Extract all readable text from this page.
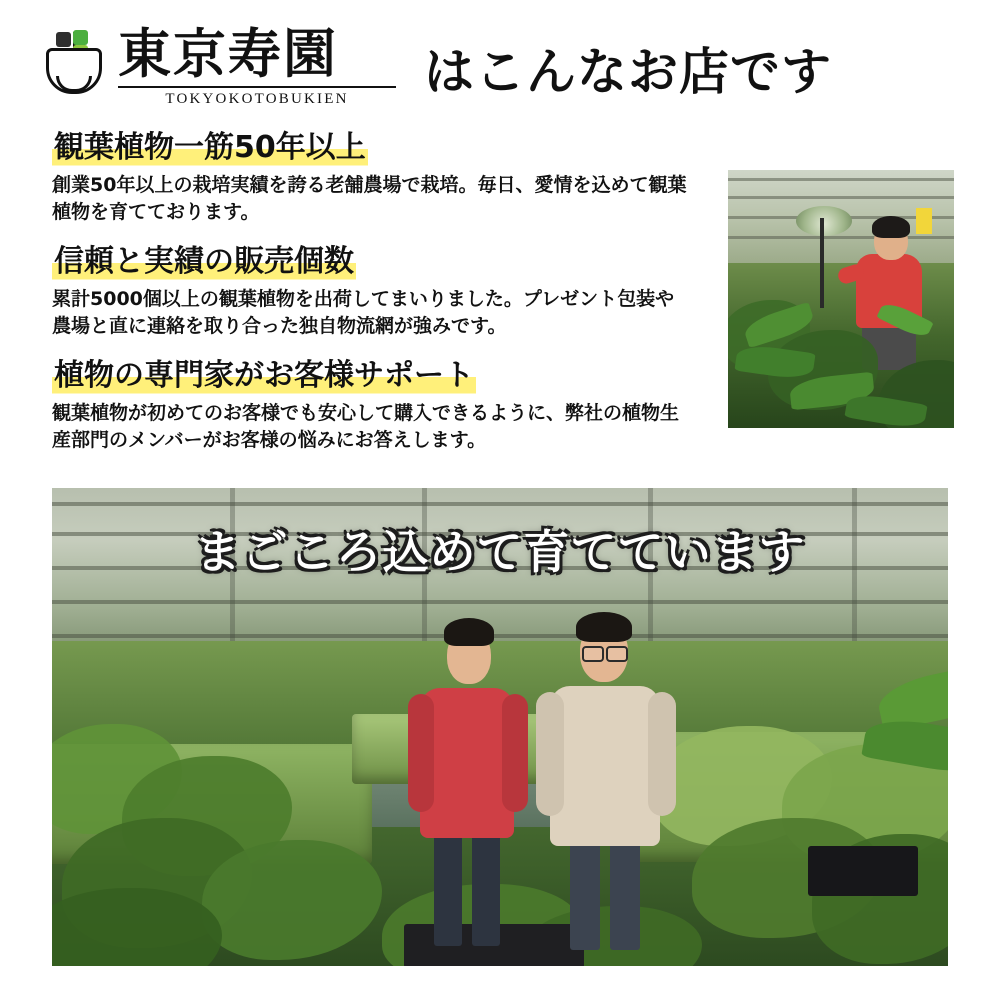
東京寿園
TOKYOKOTOBUKIEN	はこんなお店です
観葉植物一筋50年以上
創業50年以上の栽培実績を誇る老舗農場で栽培。毎日、愛情を込めて観葉植物を育てております。
信頼と実績の販売個数
累計5000個以上の観葉植物を出荷してまいりました。プレゼント包装や農場と直に連絡を取り合った独自物流網が強みです。
植物の専門家がお客様サポート
観葉植物が初めてのお客様でも安心して購入できるように、弊社の植物生産部門のメンバーがお客様の悩みにお答えします。
まごころ込めて育てています
